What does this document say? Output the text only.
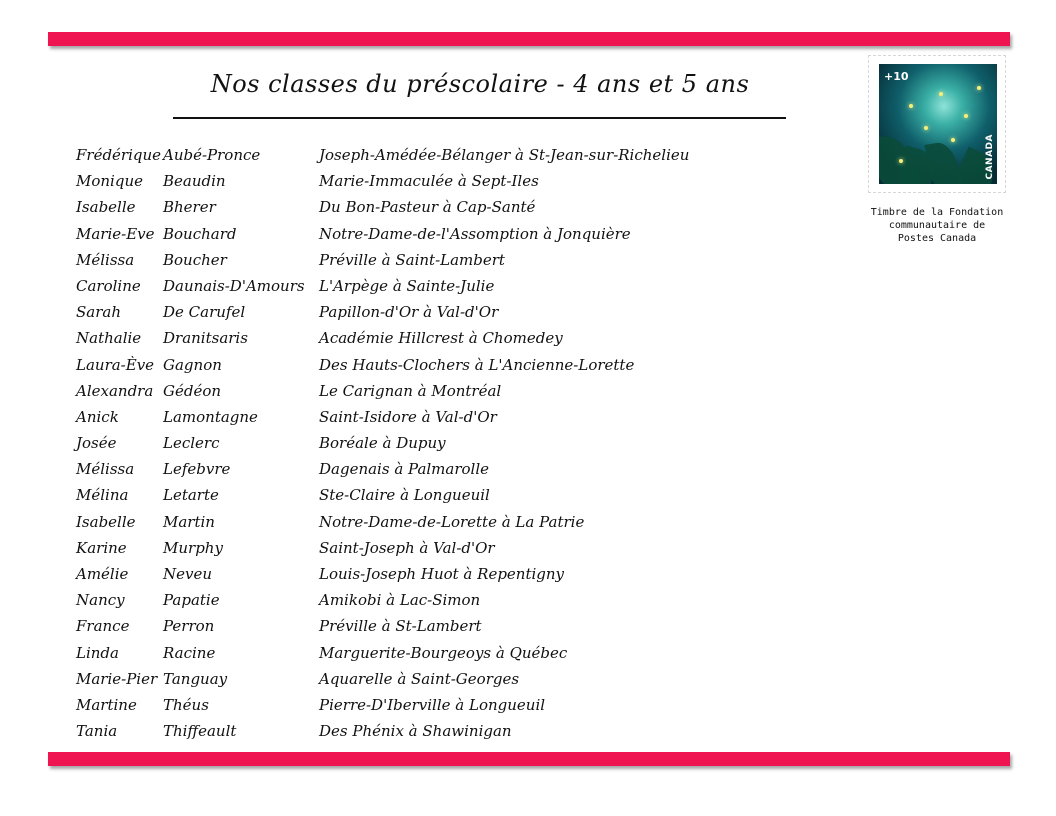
Nos classes du préscolaire - 4 ans et 5 ans
Frédérique Aubé-Pronce	Joseph-Amédée-Bélanger à St-Jean-sur-Richelieu
Monique Beaudin	Marie-Immaculée à Sept-Iles
Isabelle Bherer	Du Bon-Pasteur à Cap-Santé
Marie-Eve Bouchard	Notre-Dame-de-l'Assomption à Jonquière
Mélissa Boucher	Préville à Saint-Lambert
Caroline Daunais-D'Amours L'Arpège à Sainte-Julie
Sarah	De Carufel	Papillon-d'Or à Val-d'Or
Nathalie Dranitsaris	Académie Hillcrest à Chomedey
Laura-Ève Gagnon	Des Hauts-Clochers à L'Ancienne-Lorette
Alexandra Gédéon	Le Carignan à Montréal
Anick	Lamontagne	Saint-Isidore à Val-d'Or
Josée	Leclerc	Boréale à Dupuy
Mélissa Lefebvre	Dagenais à Palmarolle
Mélina Letarte	Ste-Claire à Longueuil
Isabelle Martin	Notre-Dame-de-Lorette à La Patrie
Karine Murphy	Saint-Joseph à Val-d'Or
Amélie Neveu	Louis-Joseph Huot à Repentigny
Nancy	Papatie	Amikobi à Lac-Simon
France Perron	Préville à St-Lambert
Linda	Racine	Marguerite-Bourgeoys à Québec
Marie-Pier Tanguay	Aquarelle à Saint-Georges
Martine Théus	Pierre-D'Iberville à Longueuil
Tania	Thiffeault	Des Phénix à Shawinigan
+10
CANADA
Timbre de la Fondation
communautaire de
Postes Canada
